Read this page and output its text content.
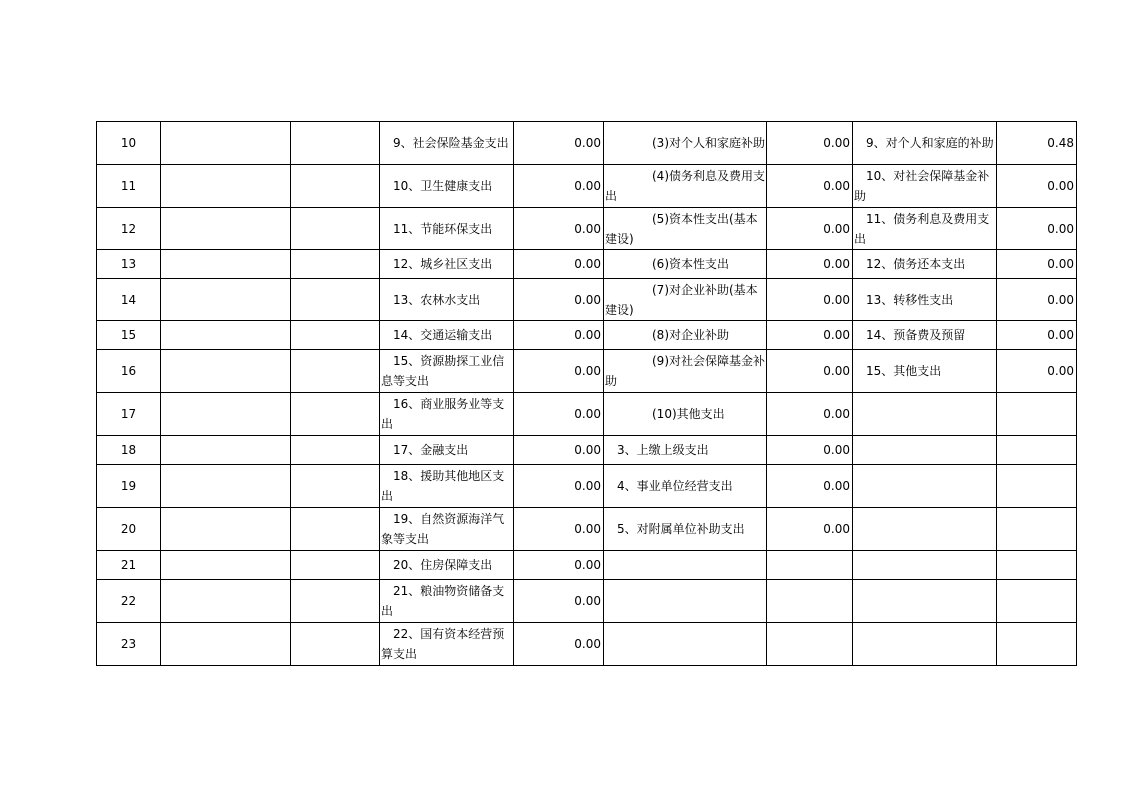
10			9、社会保险基金支出	0.00	(3)对个人和家庭补助	0.00	9、对个人和家庭的补助	0.48
11			10、卫生健康支出	0.00	(4)债务利息及费用支出	0.00	10、对社会保障基金补助	0.00
12			11、节能环保支出	0.00	(5)资本性支出(基本建设)	0.00	11、债务利息及费用支出	0.00
13			12、城乡社区支出	0.00	(6)资本性支出	0.00	12、债务还本支出	0.00
14			13、农林水支出	0.00	(7)对企业补助(基本建设)	0.00	13、转移性支出	0.00
15			14、交通运输支出	0.00	(8)对企业补助	0.00	14、预备费及预留	0.00
16			15、资源勘探工业信息等支出	0.00	(9)对社会保障基金补助	0.00	15、其他支出	0.00
17			16、商业服务业等支出	0.00	(10)其他支出	0.00		
18			17、金融支出	0.00	3、上缴上级支出	0.00		
19			18、援助其他地区支出	0.00	4、事业单位经营支出	0.00		
20			19、自然资源海洋气象等支出	0.00	5、对附属单位补助支出	0.00		
21			20、住房保障支出	0.00				
22			21、粮油物资储备支出	0.00				
23			22、国有资本经营预算支出	0.00				
